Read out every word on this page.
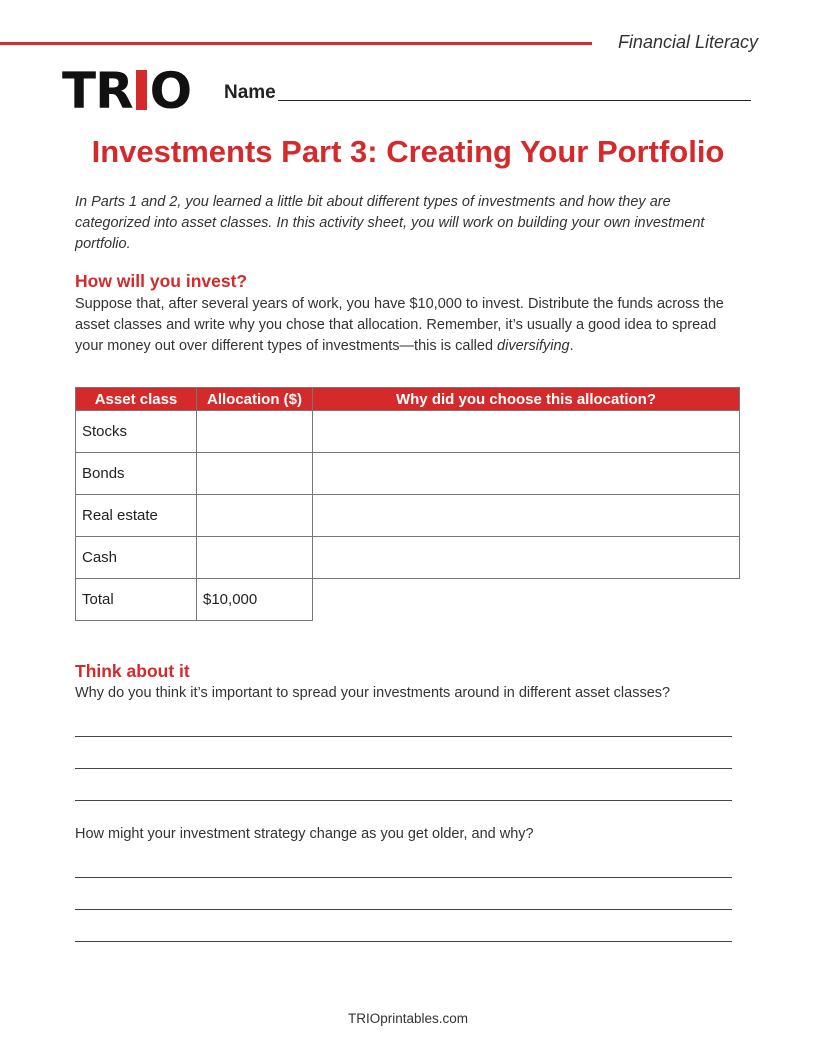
Financial Literacy
TR O Name
Investments Part 3: Creating Your Portfolio
In Parts 1 and 2, you learned a little bit about different types of investments and how they are categorized into asset classes. In this activity sheet, you will work on building your own investment portfolio.
How will you invest?
Suppose that, after several years of work, you have $10,000 to invest. Distribute the funds across the asset classes and write why you chose that allocation. Remember, it’s usually a good idea to spread your money out over different types of investments—this is called diversifying.
Asset class	Allocation ($)	Why did you choose this allocation?
Stocks		
Bonds		
Real estate		
Cash		
Total	$10,000	
Think about it
Why do you think it’s important to spread your investments around in different asset classes?
How might your investment strategy change as you get older, and why?
TRIOprintables.com
